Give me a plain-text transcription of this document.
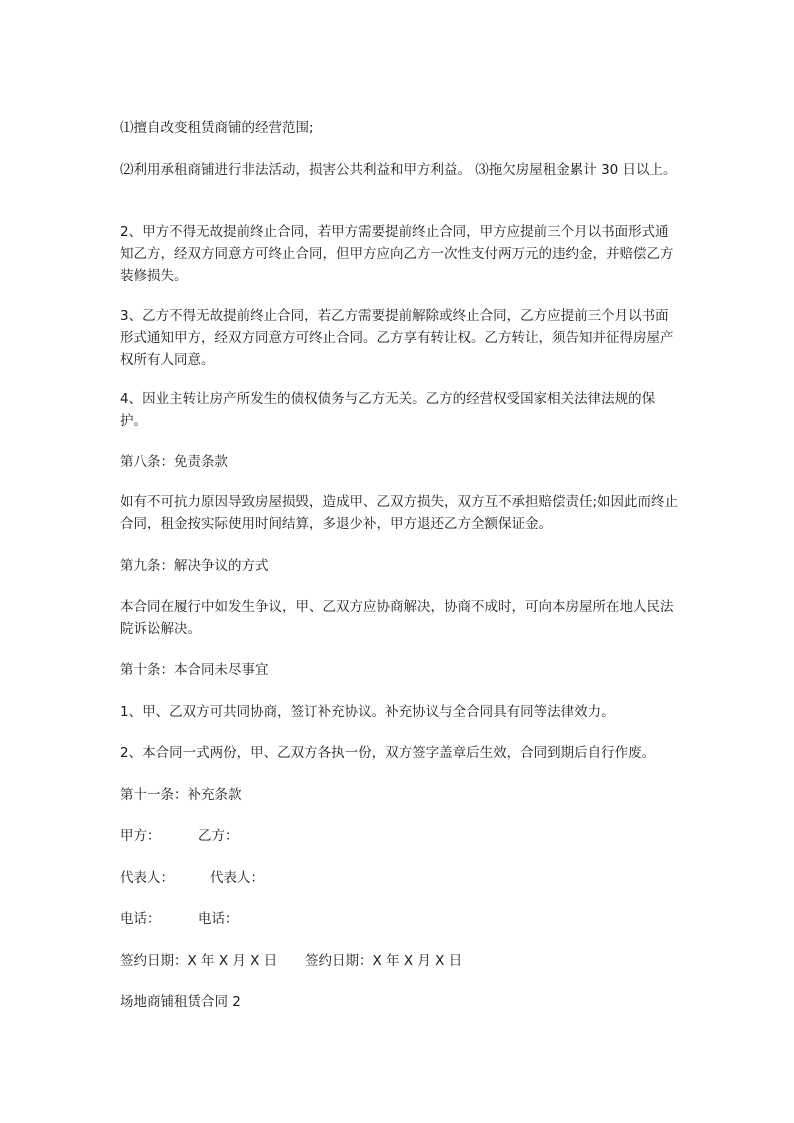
⑴擅自改变租赁商铺的经营范围;

⑵利用承租商铺进行非法活动，损害公共利益和甲方利益。 ⑶拖欠房屋租金累计 30 日以上。

2、甲方不得无故提前终止合同，若甲方需要提前终止合同，甲方应提前三个月以书面形式通知乙方，经双方同意方可终止合同，但甲方应向乙方一次性支付两万元的违约金，并赔偿乙方装修损失。

3、乙方不得无故提前终止合同，若乙方需要提前解除或终止合同，乙方应提前三个月以书面形式通知甲方，经双方同意方可终止合同。乙方享有转让权。乙方转让，须告知并征得房屋产权所有人同意。

4、因业主转让房产所发生的债权债务与乙方无关。乙方的经营权受国家相关法律法规的保护。

第八条：免责条款

如有不可抗力原因导致房屋损毁，造成甲、乙双方损失，双方互不承担赔偿责任;如因此而终止合同，租金按实际使用时间结算，多退少补，甲方退还乙方全额保证金。

第九条：解决争议的方式

本合同在履行中如发生争议，甲、乙双方应协商解决，协商不成时，可向本房屋所在地人民法院诉讼解决。

第十条：本合同未尽事宜

1、甲、乙双方可共同协商，签订补充协议。补充协议与全合同具有同等法律效力。

2、本合同一式两份，甲、乙双方各执一份，双方签字盖章后生效，合同到期后自行作废。

第十一条：补充条款

甲方：	乙方：
代表人：	代表人：
电话：	电话：
签约日期：X 年 X 月 X 日 签约日期：X 年 X 月 X 日

场地商铺租赁合同 2
